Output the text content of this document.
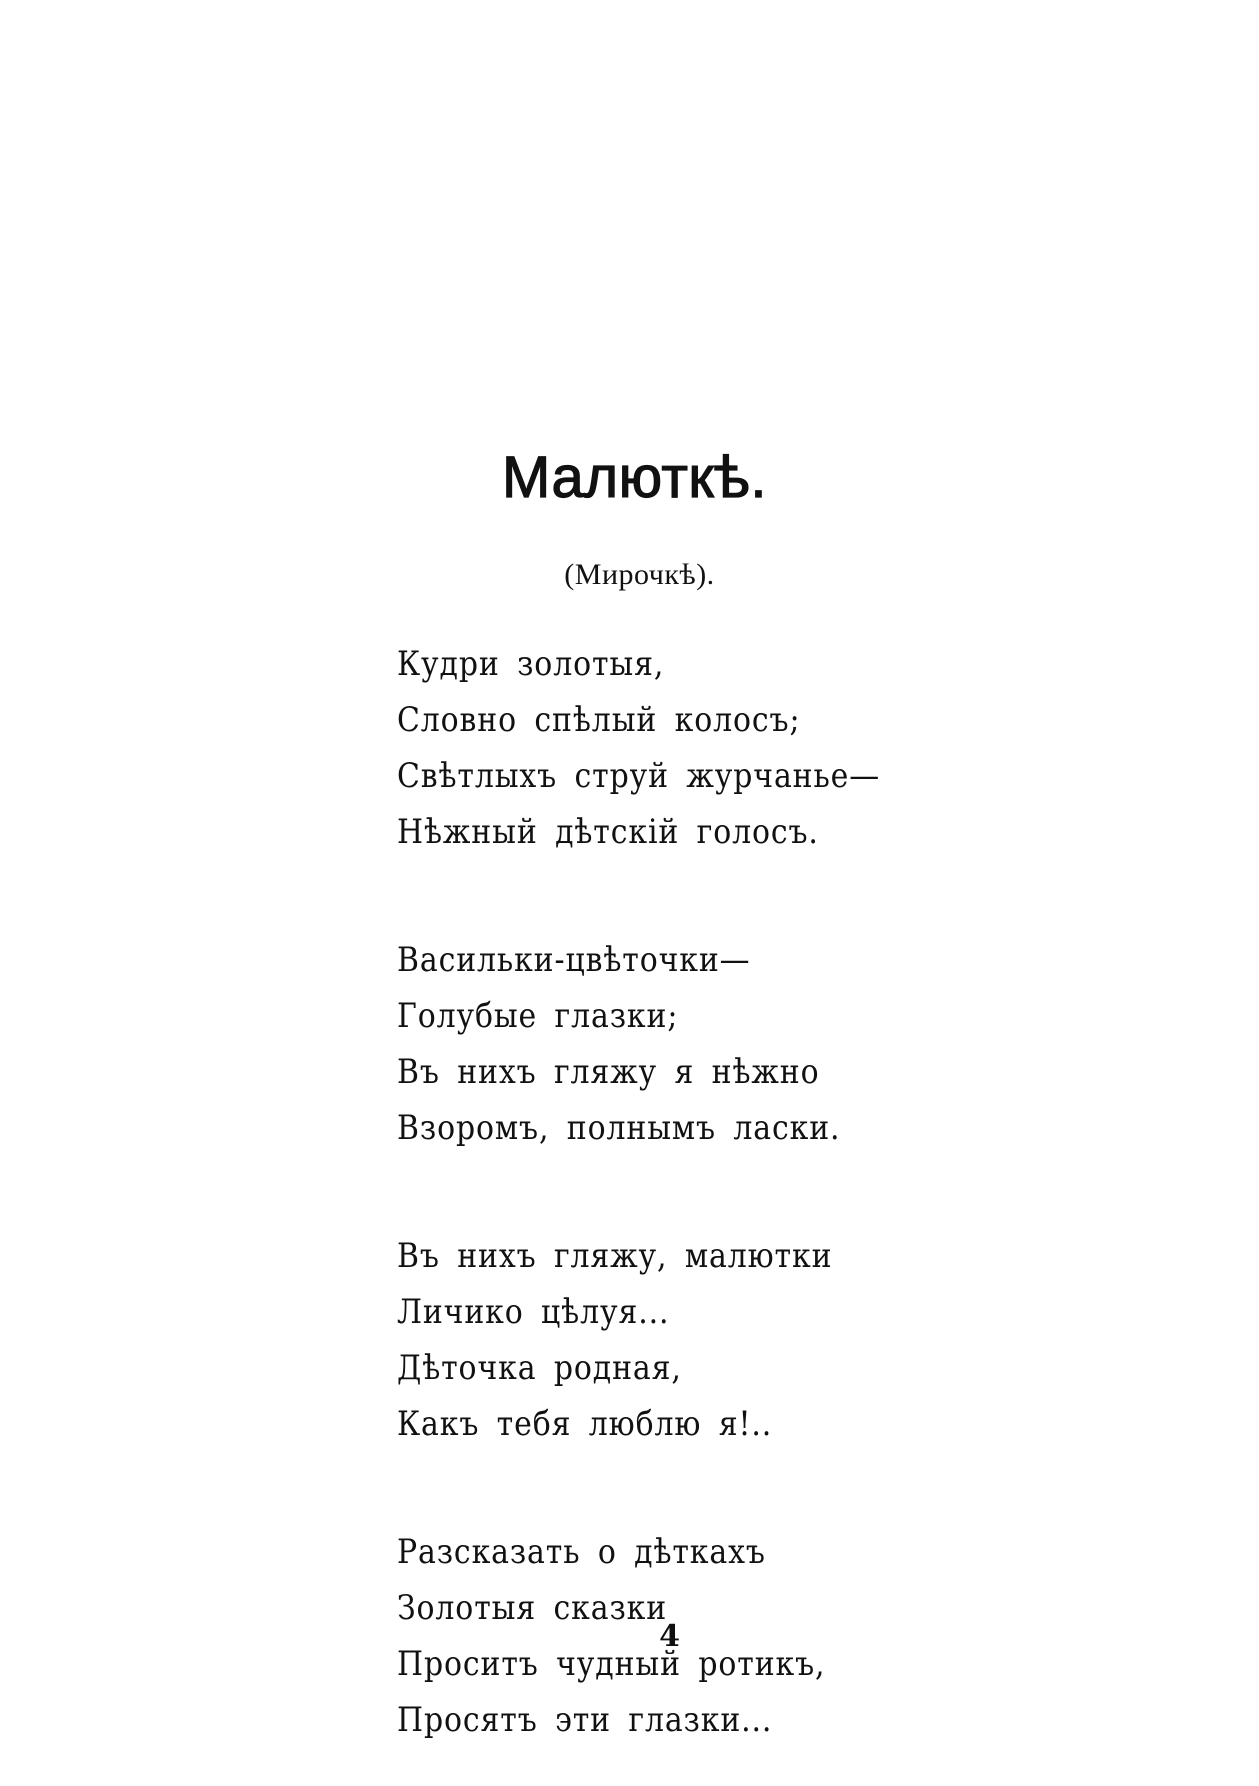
Малюткѣ.
(Мирочкѣ).
Кудри золотыя,
Словно спѣлый колосъ;
Свѣтлыхъ струй журчанье—
Нѣжный дѣтскій голосъ.
Васильки-цвѣточки—
Голубые глазки;
Въ нихъ гляжу я нѣжно
Взоромъ, полнымъ ласки.
Въ нихъ гляжу, малютки
Личико цѣлуя...
Дѣточка родная,
Какъ тебя люблю я!..
Разсказать о дѣткахъ
Золотыя сказки
Проситъ чудный ротикъ,
Просятъ эти глазки...
4
